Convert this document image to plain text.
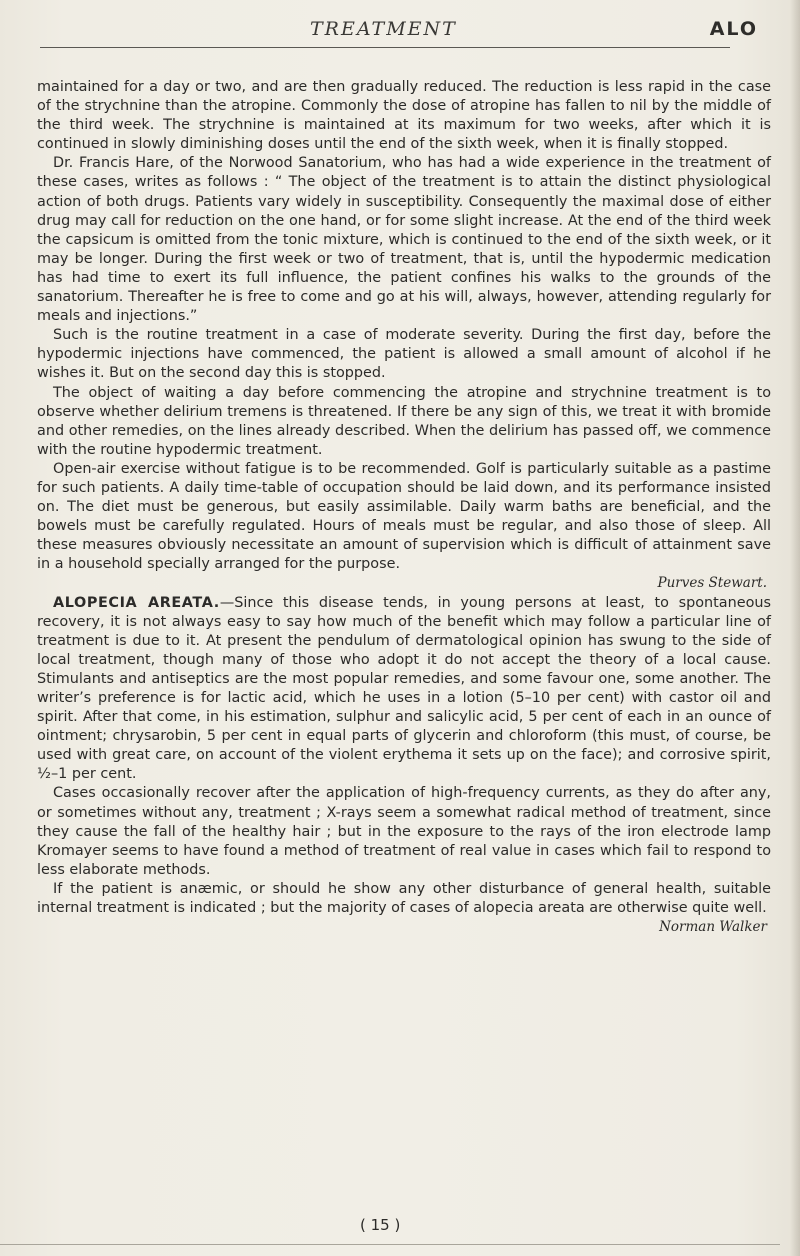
TREATMENT	ALO

maintained for a day or two, and are then gradually reduced. The reduction is less rapid in the case of the strychnine than the atropine. Commonly the dose of atropine has fallen to nil by the middle of the third week. The strychnine is maintained at its maximum for two weeks, after which it is continued in slowly diminishing doses until the end of the sixth week, when it is finally stopped.

Dr. Francis Hare, of the Norwood Sanatorium, who has had a wide experience in the treatment of these cases, writes as follows : “ The object of the treatment is to attain the distinct physiological action of both drugs. Patients vary widely in susceptibility. Consequently the maximal dose of either drug may call for reduction on the one hand, or for some slight increase. At the end of the third week the capsicum is omitted from the tonic mixture, which is continued to the end of the sixth week, or it may be longer. During the first week or two of treatment, that is, until the hypodermic medication has had time to exert its full influence, the patient confines his walks to the grounds of the sanatorium. Thereafter he is free to come and go at his will, always, however, attending regularly for meals and injections.”

Such is the routine treatment in a case of moderate severity. During the first day, before the hypodermic injections have commenced, the patient is allowed a small amount of alcohol if he wishes it. But on the second day this is stopped.

The object of waiting a day before commencing the atropine and strychnine treatment is to observe whether delirium tremens is threatened. If there be any sign of this, we treat it with bromide and other remedies, on the lines already described. When the delirium has passed off, we commence with the routine hypodermic treatment.

Open-air exercise without fatigue is to be recommended. Golf is particularly suitable as a pastime for such patients. A daily time-table of occupation should be laid down, and its performance insisted on. The diet must be generous, but easily assimilable. Daily warm baths are beneficial, and the bowels must be carefully regulated. Hours of meals must be regular, and also those of sleep. All these measures obviously necessitate an amount of supervision which is difficult of attainment save in a household specially arranged for the purpose.

Purves Stewart.

ALOPECIA AREATA.—Since this disease tends, in young persons at least, to spontaneous recovery, it is not always easy to say how much of the benefit which may follow a particular line of treatment is due to it. At present the pendulum of dermatological opinion has swung to the side of local treatment, though many of those who adopt it do not accept the theory of a local cause. Stimulants and antiseptics are the most popular remedies, and some favour one, some another. The writer’s preference is for lactic acid, which he uses in a lotion (5–10 per cent) with castor oil and spirit. After that come, in his estimation, sulphur and salicylic acid, 5 per cent of each in an ounce of ointment; chrysarobin, 5 per cent in equal parts of glycerin and chloroform (this must, of course, be used with great care, on account of the violent erythema it sets up on the face); and corrosive spirit, ½–1 per cent.

Cases occasionally recover after the application of high-frequency currents, as they do after any, or sometimes without any, treatment ; X-rays seem a somewhat radical method of treatment, since they cause the fall of the healthy hair ; but in the exposure to the rays of the iron electrode lamp Kromayer seems to have found a method of treatment of real value in cases which fail to respond to less elaborate methods.

If the patient is anæmic, or should he show any other disturbance of general health, suitable internal treatment is indicated ; but the majority of cases of alopecia areata are otherwise quite well.
Norman Walker

( 15 )
